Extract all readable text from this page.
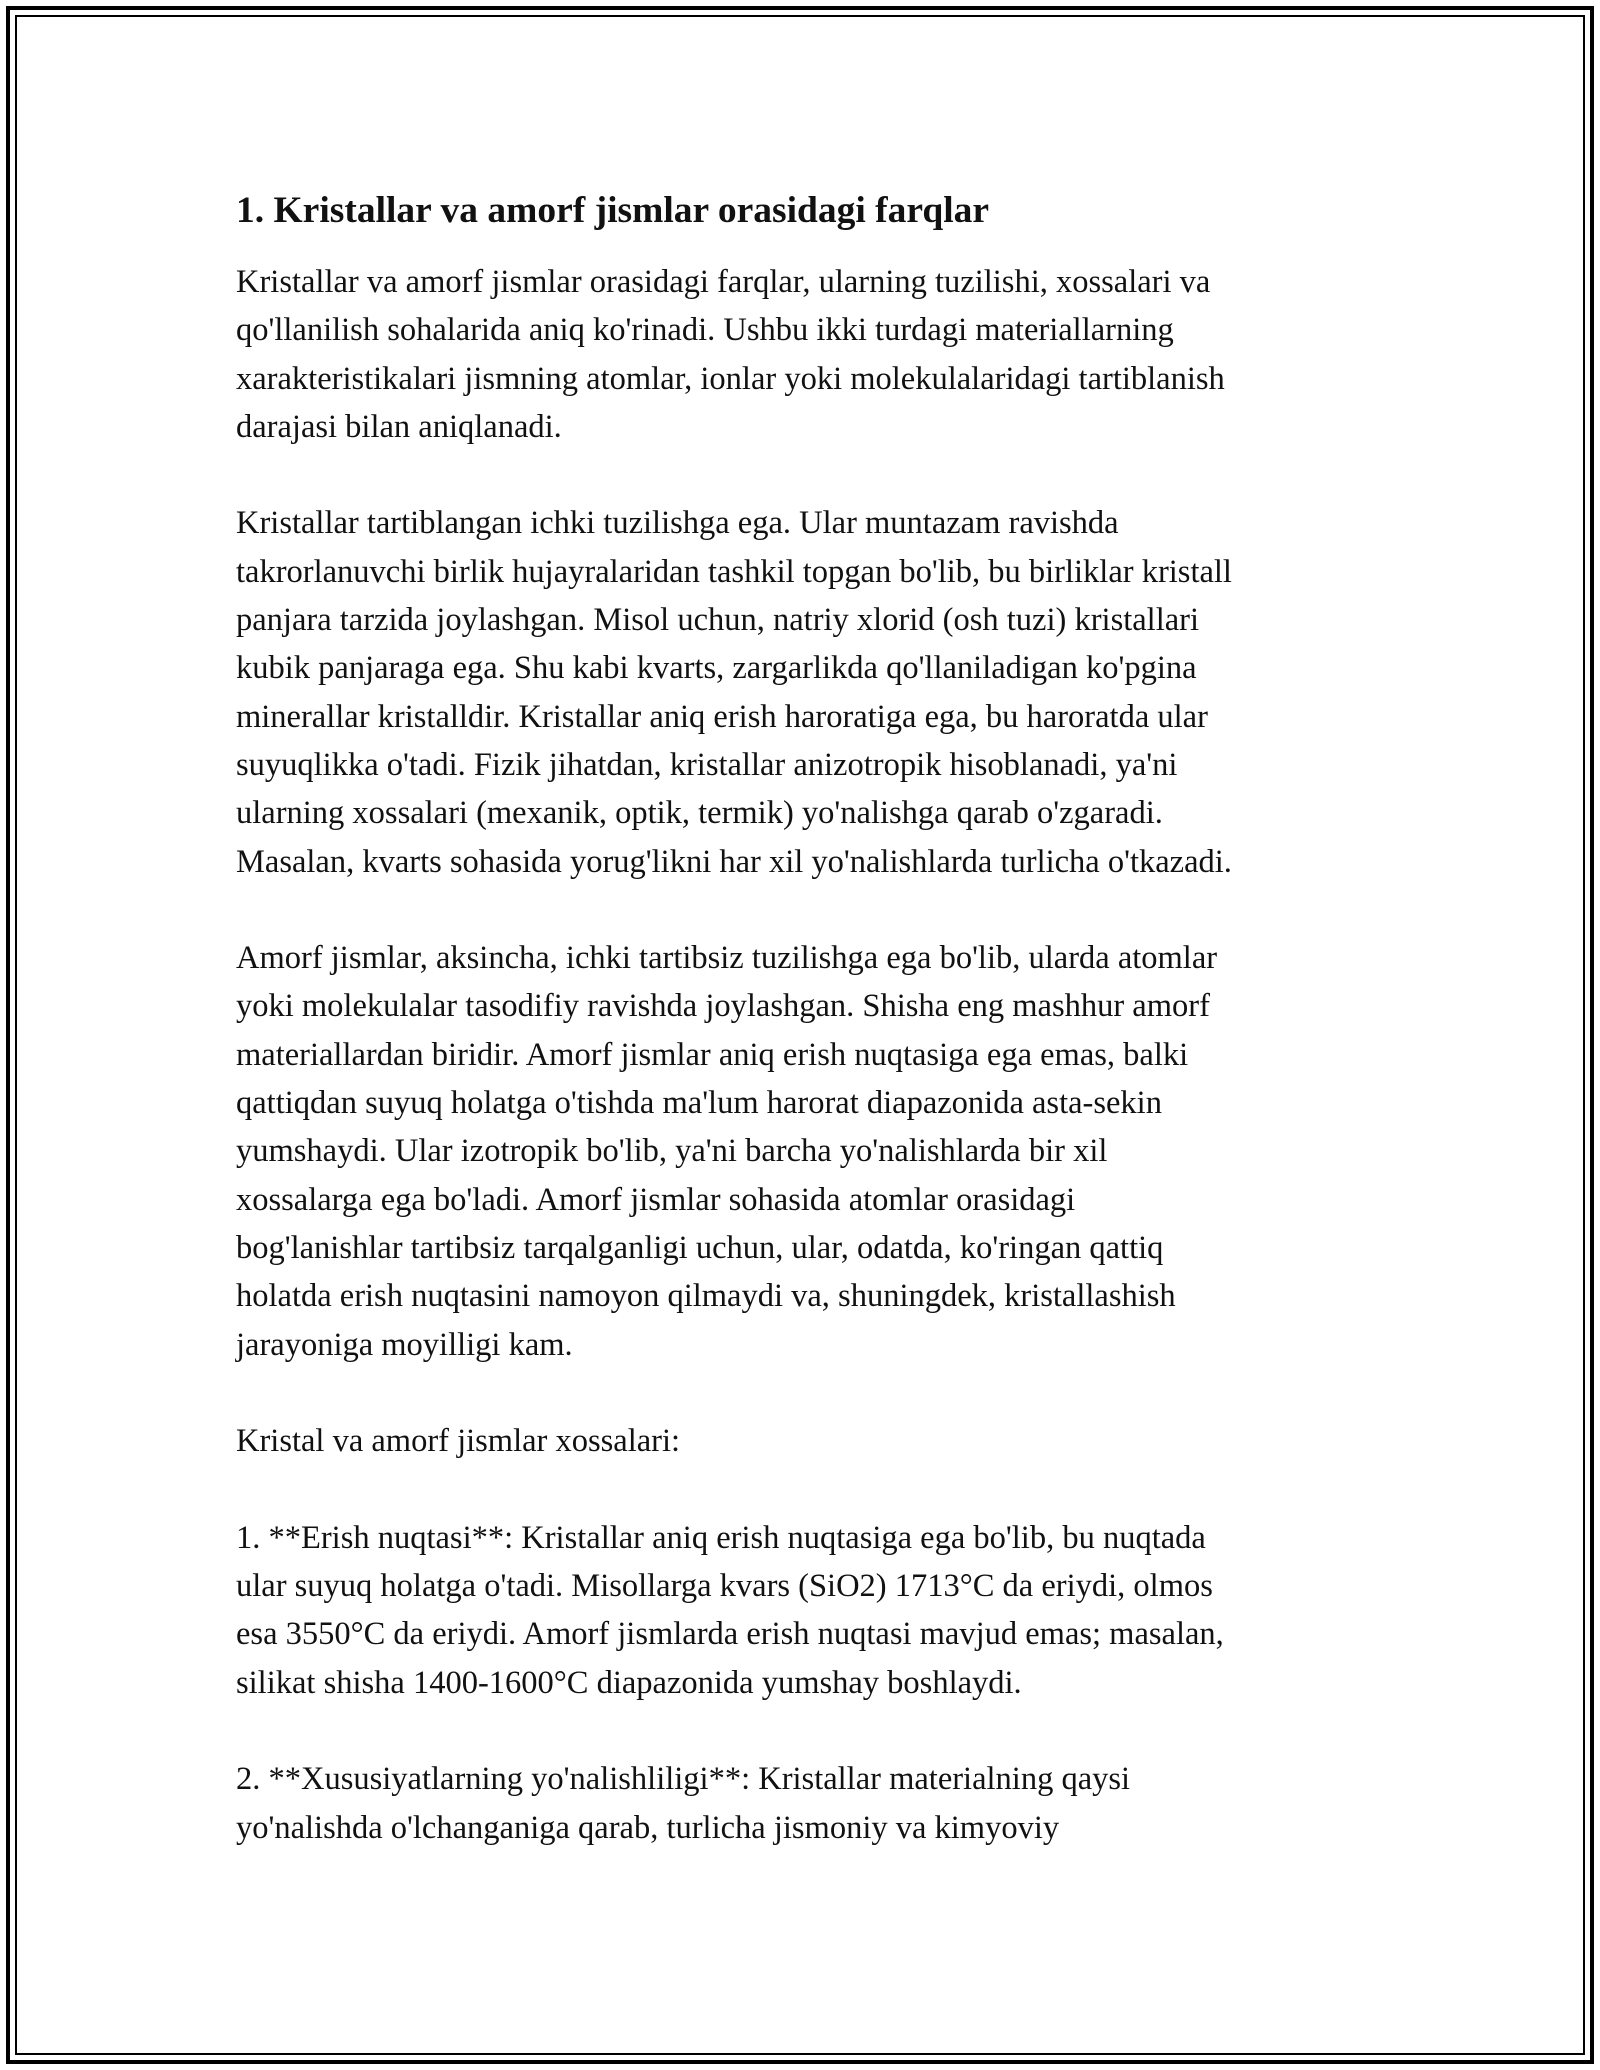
1. Kristallar va amorf jismlar orasidagi farqlar

Kristallar va amorf jismlar orasidagi farqlar, ularning tuzilishi, xossalari va
qo'llanilish sohalarida aniq ko'rinadi. Ushbu ikki turdagi materiallarning
xarakteristikalari jismning atomlar, ionlar yoki molekulalaridagi tartiblanish
darajasi bilan aniqlanadi.

Kristallar tartiblangan ichki tuzilishga ega. Ular muntazam ravishda
takrorlanuvchi birlik hujayralaridan tashkil topgan bo'lib, bu birliklar kristall
panjara tarzida joylashgan. Misol uchun, natriy xlorid (osh tuzi) kristallari
kubik panjaraga ega. Shu kabi kvarts, zargarlikda qo'llaniladigan ko'pgina
minerallar kristalldir. Kristallar aniq erish haroratiga ega, bu haroratda ular
suyuqlikka o'tadi. Fizik jihatdan, kristallar anizotropik hisoblanadi, ya'ni
ularning xossalari (mexanik, optik, termik) yo'nalishga qarab o'zgaradi.
Masalan, kvarts sohasida yorug'likni har xil yo'nalishlarda turlicha o'tkazadi.

Amorf jismlar, aksincha, ichki tartibsiz tuzilishga ega bo'lib, ularda atomlar
yoki molekulalar tasodifiy ravishda joylashgan. Shisha eng mashhur amorf
materiallardan biridir. Amorf jismlar aniq erish nuqtasiga ega emas, balki
qattiqdan suyuq holatga o'tishda ma'lum harorat diapazonida asta-sekin
yumshaydi. Ular izotropik bo'lib, ya'ni barcha yo'nalishlarda bir xil
xossalarga ega bo'ladi. Amorf jismlar sohasida atomlar orasidagi
bog'lanishlar tartibsiz tarqalganligi uchun, ular, odatda, ko'ringan qattiq
holatda erish nuqtasini namoyon qilmaydi va, shuningdek, kristallashish
jarayoniga moyilligi kam.

Kristal va amorf jismlar xossalari:

1. **Erish nuqtasi**: Kristallar aniq erish nuqtasiga ega bo'lib, bu nuqtada
ular suyuq holatga o'tadi. Misollarga kvars (SiO2) 1713°C da eriydi, olmos
esa 3550°C da eriydi. Amorf jismlarda erish nuqtasi mavjud emas; masalan,
silikat shisha 1400-1600°C diapazonida yumshay boshlaydi.

2. **Xususiyatlarning yo'nalishliligi**: Kristallar materialning qaysi
yo'nalishda o'lchanganiga qarab, turlicha jismoniy va kimyoviy
